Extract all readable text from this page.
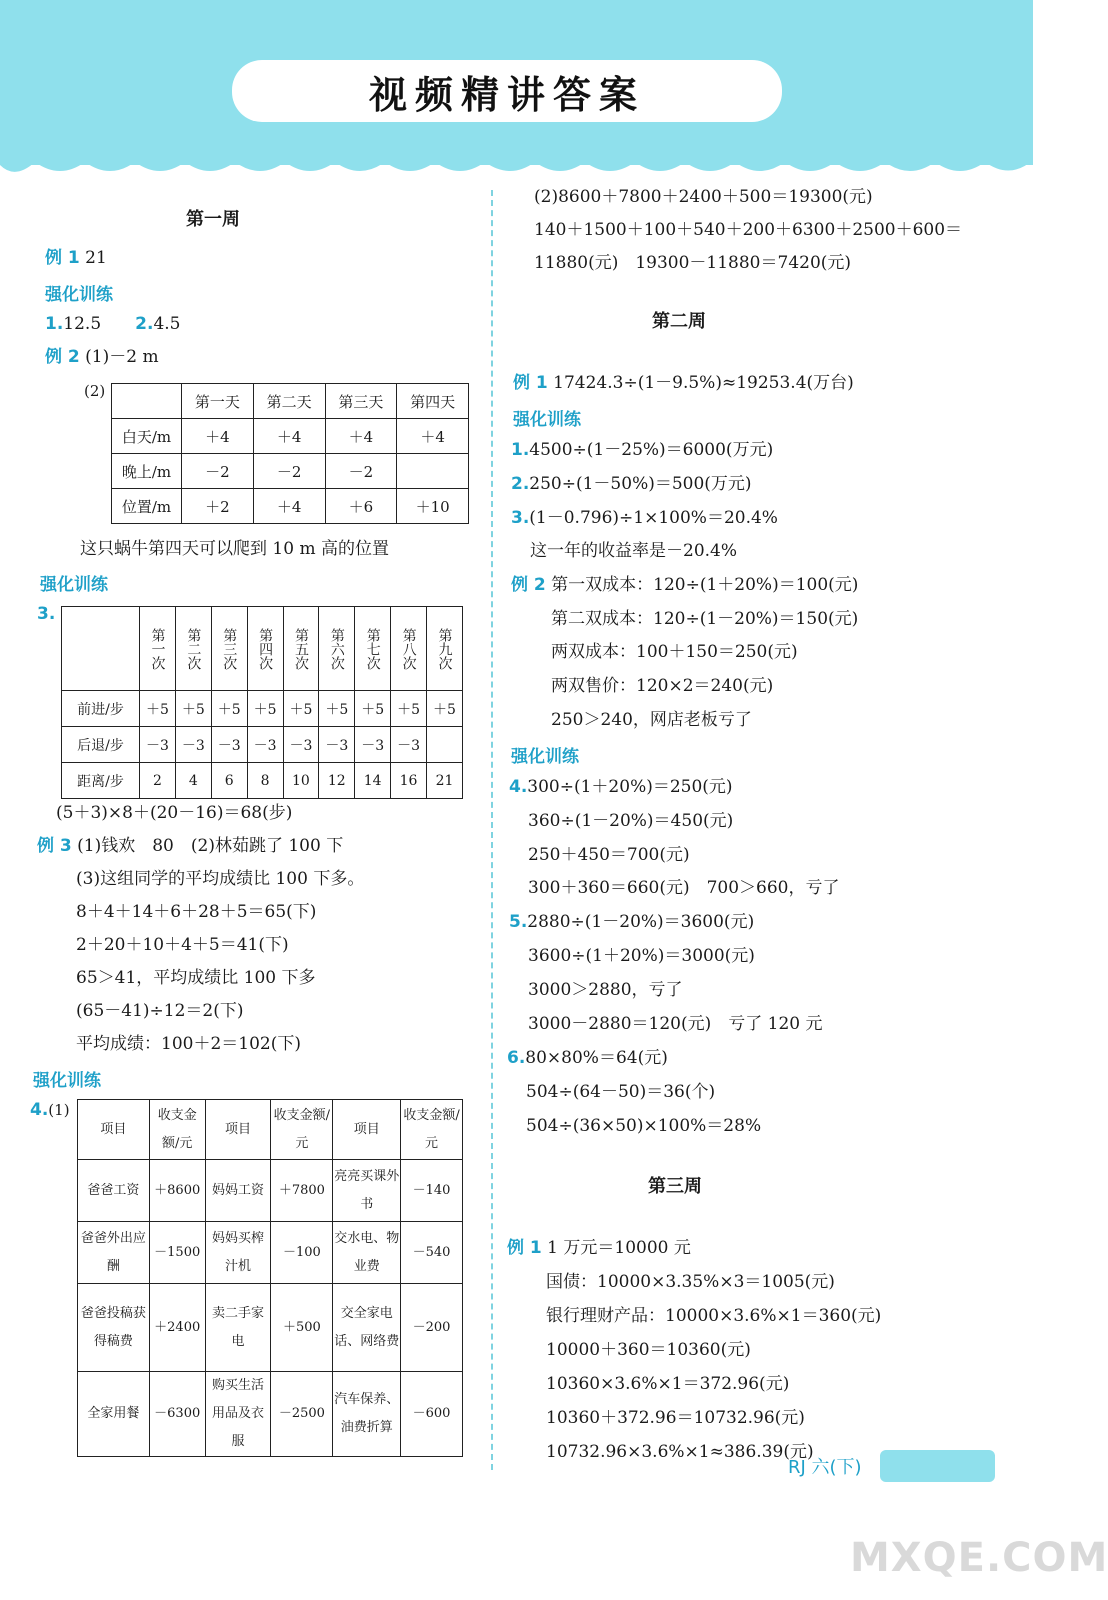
视频精讲答案
第一周
例 1 21
强化训练
1.12.5　　 2.4.5
例 2 (1)－2 m
(2)
	第一天	第二天	第三天	第四天
白天/m	＋4	＋4	＋4	＋4
晚上/m	－2	－2	－2	
位置/m	＋2	＋4	＋6	＋10
这只蜗牛第四天可以爬到 10 m 高的位置
强化训练
3.
	第一次	第二次	第三次	第四次	第五次	第六次	第七次	第八次	第九次
前进/步	＋5	＋5	＋5	＋5	＋5	＋5	＋5	＋5	＋5
后退/步	－3	－3	－3	－3	－3	－3	－3	－3	
距离/步	2	4	6	8	10	12	14	16	21
(5＋3)×8＋(20－16)＝68(步)
例 3 (1)钱欢　80　(2)林茹跳了 100 下
(3)这组同学的平均成绩比 100 下多。
8＋4＋14＋6＋28＋5＝65(下)
2＋20＋10＋4＋5＝41(下)
65＞41，平均成绩比 100 下多
(65－41)÷12＝2(下)
平均成绩：100＋2＝102(下)
强化训练
4.(1)
项目	收支金额/元	项目	收支金额/元	项目	收支金额/元
爸爸工资	＋8600	妈妈工资	＋7800	亮亮买课外书	－140
爸爸外出应酬	－1500	妈妈买榨汁机	－100	交水电、物业费	－540
爸爸投稿获得稿费	＋2400	卖二手家电	＋500	交全家电话、网络费	－200
全家用餐	－6300	购买生活用品及衣服	－2500	汽车保养、油费折算	－600
(2)8600＋7800＋2400＋500＝19300(元)
140＋1500＋100＋540＋200＋6300＋2500＋600＝
11880(元)　19300－11880＝7420(元)
第二周
例 1 17424.3÷(1－9.5%)≈19253.4(万台)
强化训练
1.4500÷(1－25%)＝6000(万元)
2.250÷(1－50%)＝500(万元)
3.(1－0.796)÷1×100%＝20.4%
这一年的收益率是－20.4%
例 2 第一双成本：120÷(1＋20%)＝100(元)
第二双成本：120÷(1－20%)＝150(元)
两双成本：100＋150＝250(元)
两双售价：120×2＝240(元)
250＞240，网店老板亏了
强化训练
4.300÷(1＋20%)＝250(元)
360÷(1－20%)＝450(元)
250＋450＝700(元)
300＋360＝660(元)　700＞660，亏了
5.2880÷(1－20%)＝3600(元)
3600÷(1＋20%)＝3000(元)
3000＞2880，亏了
3000－2880＝120(元)　亏了 120 元
6.80×80%＝64(元)
504÷(64－50)＝36(个)
504÷(36×50)×100%＝28%
第三周
例 1 1 万元＝10000 元
国债：10000×3.35%×3＝1005(元)
银行理财产品：10000×3.6%×1＝360(元)
10000＋360＝10360(元)
10360×3.6%×1＝372.96(元)
10360＋372.96＝10732.96(元)
10732.96×3.6%×1≈386.39(元)
RJ 六(下)
MXQE.COM
